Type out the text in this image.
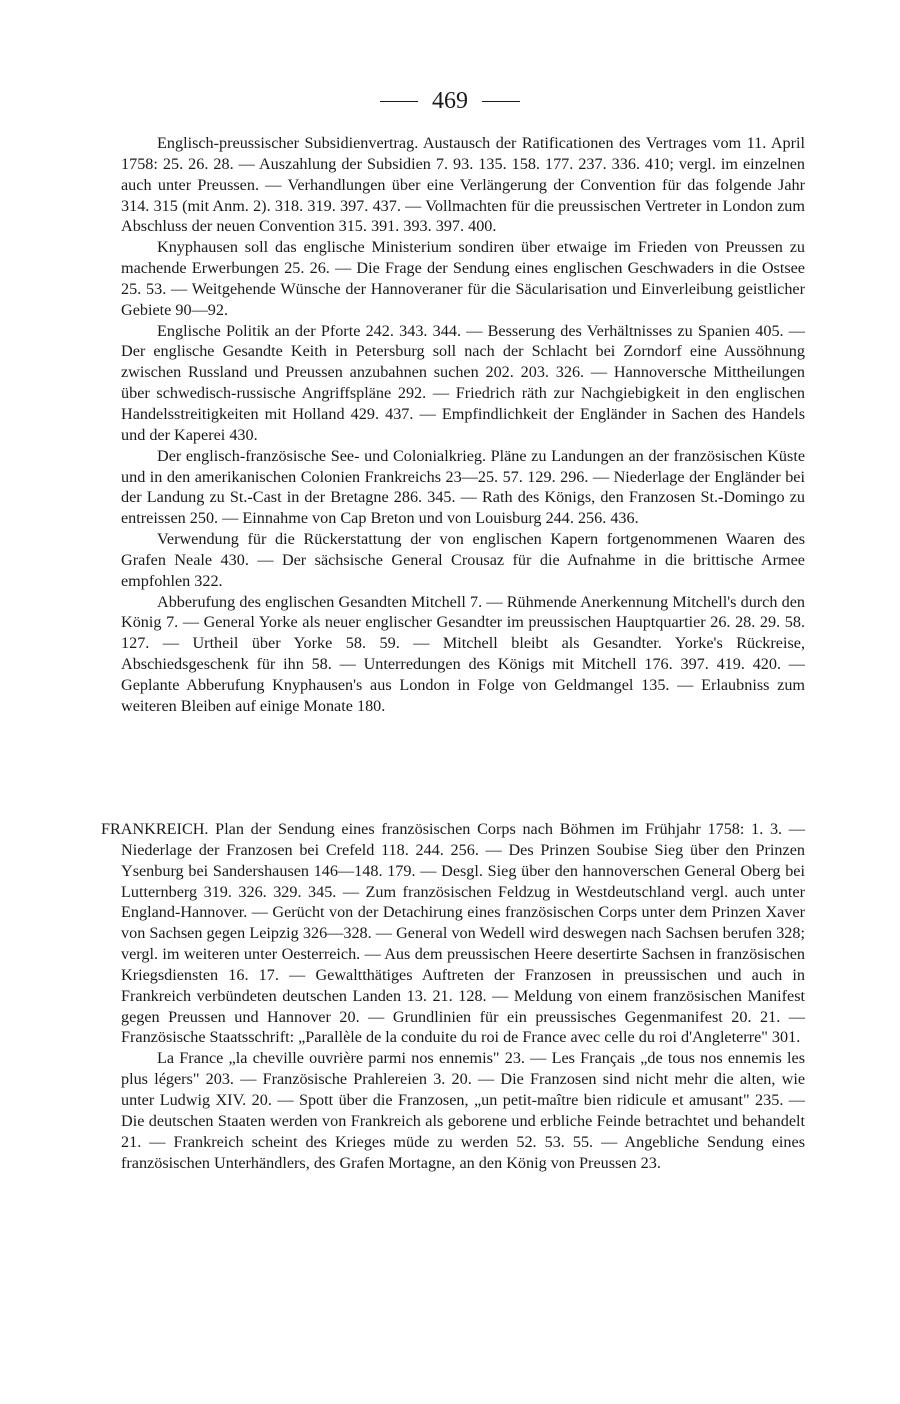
469

Englisch-preussischer Subsidienvertrag. Austausch der Ratificationen des Vertrages vom 11. April 1758: 25. 26. 28. — Auszahlung der Subsidien 7. 93. 135. 158. 177. 237. 336. 410; vergl. im einzelnen auch unter Preussen. — Verhandlungen über eine Verlängerung der Convention für das folgende Jahr 314. 315 (mit Anm. 2). 318. 319. 397. 437. — Vollmachten für die preussischen Vertreter in London zum Abschluss der neuen Convention 315. 391. 393. 397. 400.

Knyphausen soll das englische Ministerium sondiren über etwaige im Frieden von Preussen zu machende Erwerbungen 25. 26. — Die Frage der Sendung eines englischen Geschwaders in die Ostsee 25. 53. — Weitgehende Wünsche der Hannoveraner für die Säcularisation und Einverleibung geistlicher Gebiete 90—92.

Englische Politik an der Pforte 242. 343. 344. — Besserung des Verhältnisses zu Spanien 405. — Der englische Gesandte Keith in Petersburg soll nach der Schlacht bei Zorndorf eine Aussöhnung zwischen Russland und Preussen anzubahnen suchen 202. 203. 326. — Hannoversche Mittheilungen über schwedisch-russische Angriffspläne 292. — Friedrich räth zur Nachgiebigkeit in den englischen Handelsstreitigkeiten mit Holland 429. 437. — Empfindlichkeit der Engländer in Sachen des Handels und der Kaperei 430.

Der englisch-französische See- und Colonialkrieg. Pläne zu Landungen an der französischen Küste und in den amerikanischen Colonien Frankreichs 23—25. 57. 129. 296. — Niederlage der Engländer bei der Landung zu St.-Cast in der Bretagne 286. 345. — Rath des Königs, den Franzosen St.-Domingo zu entreissen 250. — Einnahme von Cap Breton und von Louisburg 244. 256. 436.

Verwendung für die Rückerstattung der von englischen Kapern fortgenommenen Waaren des Grafen Neale 430. — Der sächsische General Crousaz für die Aufnahme in die brittische Armee empfohlen 322.

Abberufung des englischen Gesandten Mitchell 7. — Rühmende Anerkennung Mitchell's durch den König 7. — General Yorke als neuer englischer Gesandter im preussischen Hauptquartier 26. 28. 29. 58. 127. — Urtheil über Yorke 58. 59. — Mitchell bleibt als Gesandter. Yorke's Rückreise, Abschiedsgeschenk für ihn 58. — Unterredungen des Königs mit Mitchell 176. 397. 419. 420. — Geplante Abberufung Knyphausen's aus London in Folge von Geldmangel 135. — Erlaubniss zum weiteren Bleiben auf einige Monate 180.

FRANKREICH. Plan der Sendung eines französischen Corps nach Böhmen im Frühjahr 1758: 1. 3. — Niederlage der Franzosen bei Crefeld 118. 244. 256. — Des Prinzen Soubise Sieg über den Prinzen Ysenburg bei Sandershausen 146—148. 179. — Desgl. Sieg über den hannoverschen General Oberg bei Lutternberg 319. 326. 329. 345. — Zum französischen Feldzug in Westdeutschland vergl. auch unter England-Hannover. — Gerücht von der Detachirung eines französischen Corps unter dem Prinzen Xaver von Sachsen gegen Leipzig 326—328. — General von Wedell wird deswegen nach Sachsen berufen 328; vergl. im weiteren unter Oesterreich. — Aus dem preussischen Heere desertirte Sachsen in französischen Kriegsdiensten 16. 17. — Gewaltthätiges Auftreten der Franzosen in preussischen und auch in Frankreich verbündeten deutschen Landen 13. 21. 128. — Meldung von einem französischen Manifest gegen Preussen und Hannover 20. — Grundlinien für ein preussisches Gegenmanifest 20. 21. — Französische Staatsschrift: „Parallèle de la conduite du roi de France avec celle du roi d'Angleterre" 301.

La France „la cheville ouvrière parmi nos ennemis" 23. — Les Français „de tous nos ennemis les plus légers" 203. — Französische Prahlereien 3. 20. — Die Franzosen sind nicht mehr die alten, wie unter Ludwig XIV. 20. — Spott über die Franzosen, „un petit-maître bien ridicule et amusant" 235. — Die deutschen Staaten werden von Frankreich als geborene und erbliche Feinde betrachtet und behandelt 21. — Frankreich scheint des Krieges müde zu werden 52. 53. 55. — Angebliche Sendung eines französischen Unterhändlers, des Grafen Mortagne, an den König von Preussen 23.
